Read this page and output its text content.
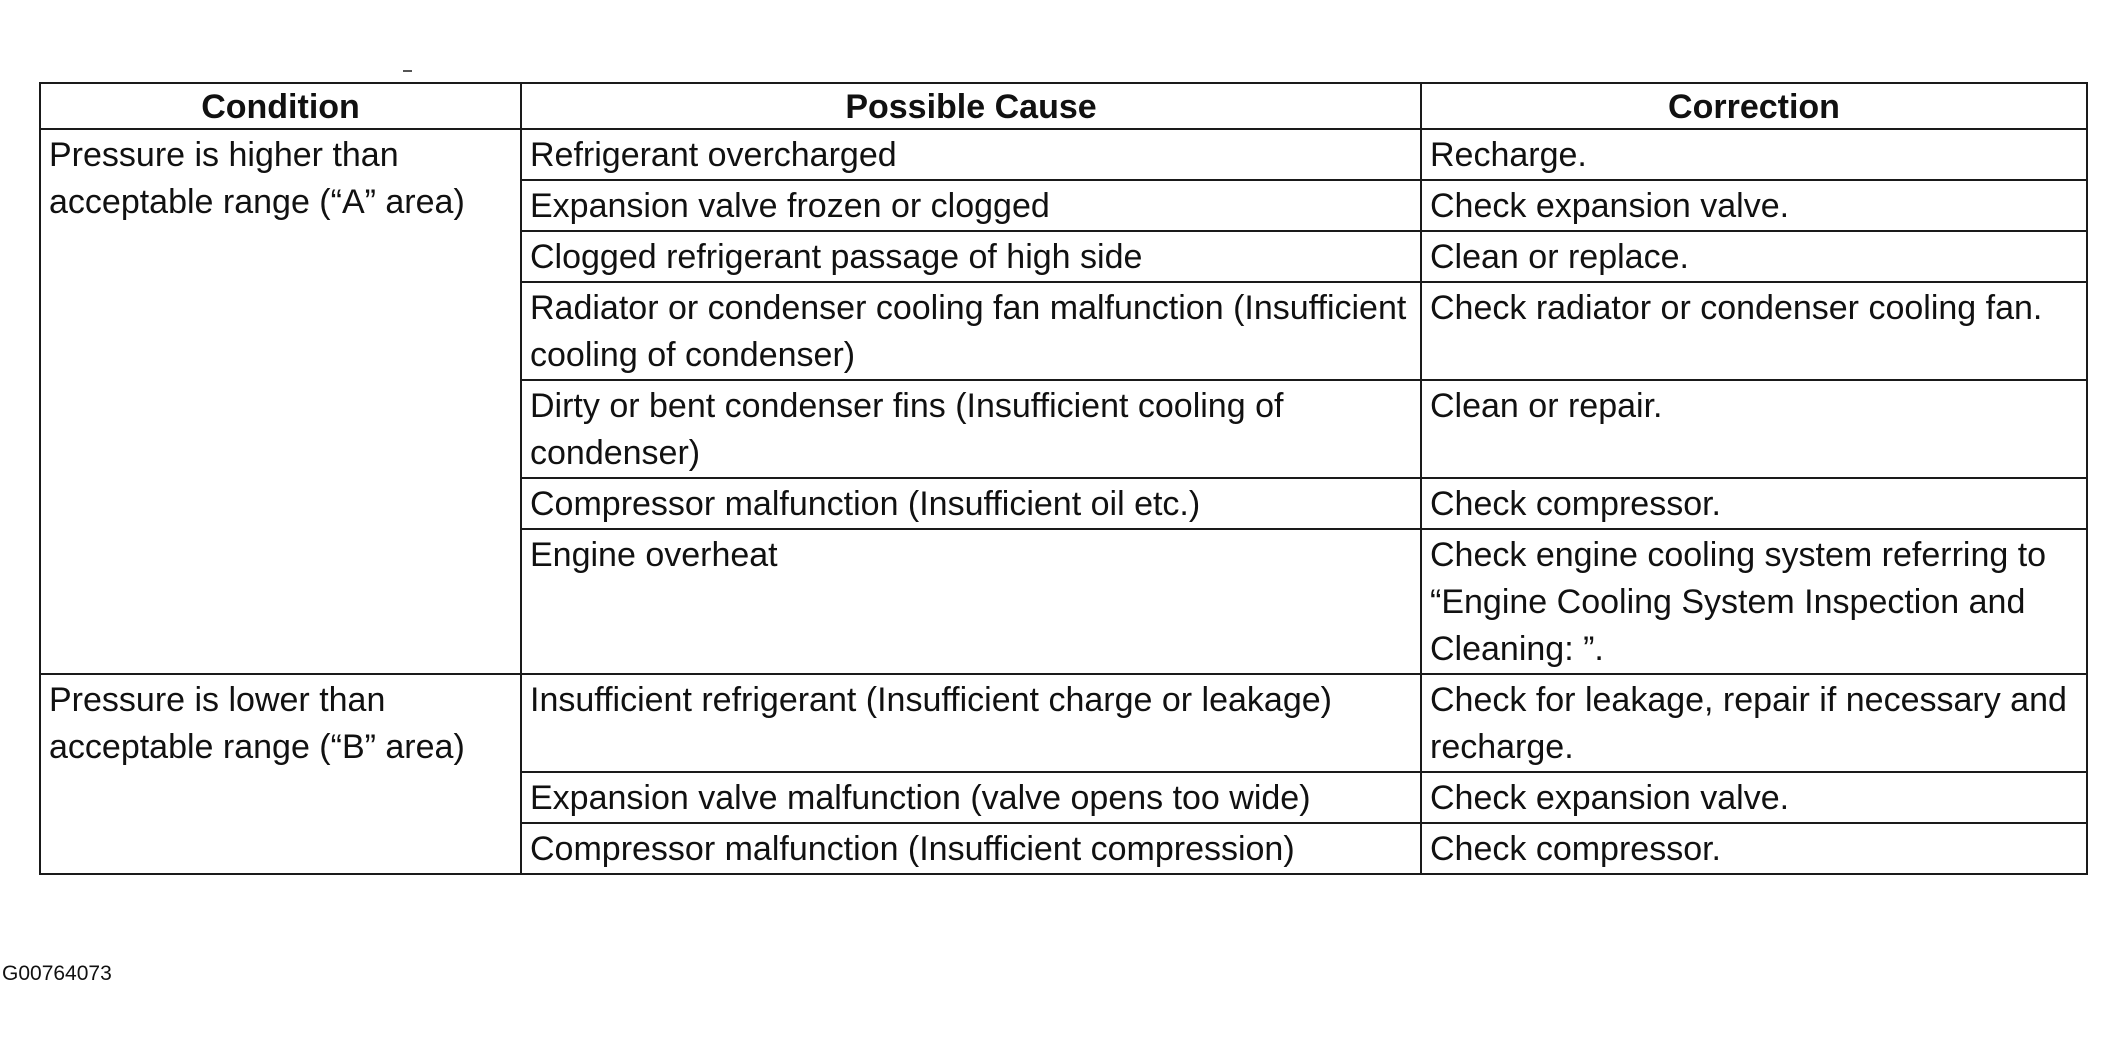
Condition	Possible Cause	Correction
Pressure is higher than acceptable range (“A” area)	Refrigerant overcharged	Recharge.
	Expansion valve frozen or clogged	Check expansion valve.
	Clogged refrigerant passage of high side	Clean or replace.
	Radiator or condenser cooling fan malfunction (Insufficient cooling of condenser)	Check radiator or condenser cooling fan.
	Dirty or bent condenser fins (Insufficient cooling of condenser)	Clean or repair.
	Compressor malfunction (Insufficient oil etc.)	Check compressor.
	Engine overheat	Check engine cooling system referring to “Engine Cooling System Inspection and Cleaning: ”.
Pressure is lower than acceptable range (“B” area)	Insufficient refrigerant (Insufficient charge or leakage)	Check for leakage, repair if necessary and recharge.
	Expansion valve malfunction (valve opens too wide)	Check expansion valve.
	Compressor malfunction (Insufficient compression)	Check compressor.
G00764073
